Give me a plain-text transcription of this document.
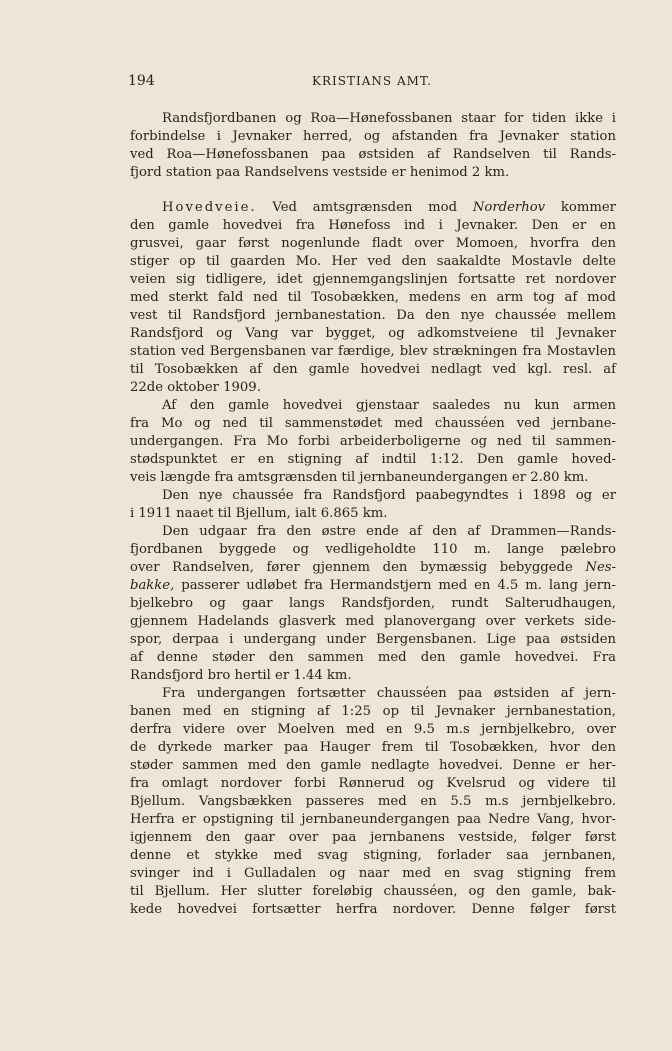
194	KRISTIANS AMT.
Randsfjordbanen og Roa—Hønefossbanen staar for tiden ikke i
forbindelse i Jevnaker herred, og afstanden fra Jevnaker station
ved Roa—Hønefossbanen paa østsiden af Randselven til Rands-
fjord station paa Randselvens vestside er henimod 2 km.
Hovedveie. Ved amtsgrænsden mod Norderhov kommer
den gamle hovedvei fra Hønefoss ind i Jevnaker. Den er en
grusvei, gaar først nogenlunde fladt over Momoen, hvorfra den
stiger op til gaarden Mo. Her ved den saakaldte Mostavle delte
veien sig tidligere, idet gjennemgangslinjen fortsatte ret nordover
med sterkt fald ned til Tosobækken, medens en arm tog af mod
vest til Randsfjord jernbanestation. Da den nye chaussée mellem
Randsfjord og Vang var bygget, og adkomstveiene til Jevnaker
station ved Bergensbanen var færdige, blev strækningen fra Mostavlen
til Tosobækken af den gamle hovedvei nedlagt ved kgl. resl. af
22de oktober 1909.
Af den gamle hovedvei gjenstaar saaledes nu kun armen
fra Mo og ned til sammenstødet med chausséen ved jernbane-
undergangen. Fra Mo forbi arbeiderboligerne og ned til sammen-
stødspunktet er en stigning af indtil 1:12. Den gamle hoved-
veis længde fra amtsgrænsden til jernbaneundergangen er 2.80 km.
Den nye chaussée fra Randsfjord paabegyndtes i 1898 og er
i 1911 naaet til Bjellum, ialt 6.865 km.
Den udgaar fra den østre ende af den af Drammen—Rands-
fjordbanen byggede og vedligeholdte 110 m. lange pælebro
over Randselven, fører gjennem den bymæssig bebyggede Nes-
bakke, passerer udløbet fra Hermandstjern med en 4.5 m. lang jern-
bjelkebro og gaar langs Randsfjorden, rundt Salterudhaugen,
gjennem Hadelands glasverk med planovergang over verkets side-
spor, derpaa i undergang under Bergensbanen. Lige paa østsiden
af denne støder den sammen med den gamle hovedvei. Fra
Randsfjord bro hertil er 1.44 km.
Fra undergangen fortsætter chausséen paa østsiden af jern-
banen med en stigning af 1:25 op til Jevnaker jernbanestation,
derfra videre over Moelven med en 9.5 m.s jernbjelkebro, over
de dyrkede marker paa Hauger frem til Tosobækken, hvor den
støder sammen med den gamle nedlagte hovedvei. Denne er her-
fra omlagt nordover forbi Rønnerud og Kvelsrud og videre til
Bjellum. Vangsbækken passeres med en 5.5 m.s jernbjelkebro.
Herfra er opstigning til jernbaneundergangen paa Nedre Vang, hvor-
igjennem den gaar over paa jernbanens vestside, følger først
denne et stykke med svag stigning, forlader saa jernbanen,
svinger ind i Gulladalen og naar med en svag stigning frem
til Bjellum. Her slutter foreløbig chausséen, og den gamle, bak-
kede hovedvei fortsætter herfra nordover. Denne følger først
